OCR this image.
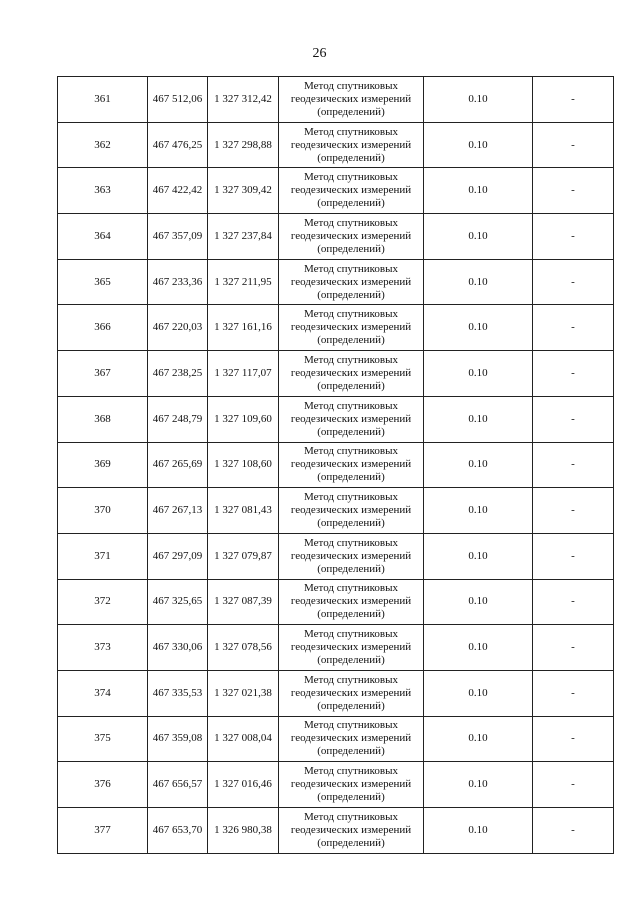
26
361	467 512,06	1 327 312,42	Метод спутниковых геодезических измерений (определений)	0.10	-
362	467 476,25	1 327 298,88	Метод спутниковых геодезических измерений (определений)	0.10	-
363	467 422,42	1 327 309,42	Метод спутниковых геодезических измерений (определений)	0.10	-
364	467 357,09	1 327 237,84	Метод спутниковых геодезических измерений (определений)	0.10	-
365	467 233,36	1 327 211,95	Метод спутниковых геодезических измерений (определений)	0.10	-
366	467 220,03	1 327 161,16	Метод спутниковых геодезических измерений (определений)	0.10	-
367	467 238,25	1 327 117,07	Метод спутниковых геодезических измерений (определений)	0.10	-
368	467 248,79	1 327 109,60	Метод спутниковых геодезических измерений (определений)	0.10	-
369	467 265,69	1 327 108,60	Метод спутниковых геодезических измерений (определений)	0.10	-
370	467 267,13	1 327 081,43	Метод спутниковых геодезических измерений (определений)	0.10	-
371	467 297,09	1 327 079,87	Метод спутниковых геодезических измерений (определений)	0.10	-
372	467 325,65	1 327 087,39	Метод спутниковых геодезических измерений (определений)	0.10	-
373	467 330,06	1 327 078,56	Метод спутниковых геодезических измерений (определений)	0.10	-
374	467 335,53	1 327 021,38	Метод спутниковых геодезических измерений (определений)	0.10	-
375	467 359,08	1 327 008,04	Метод спутниковых геодезических измерений (определений)	0.10	-
376	467 656,57	1 327 016,46	Метод спутниковых геодезических измерений (определений)	0.10	-
377	467 653,70	1 326 980,38	Метод спутниковых геодезических измерений (определений)	0.10	-
